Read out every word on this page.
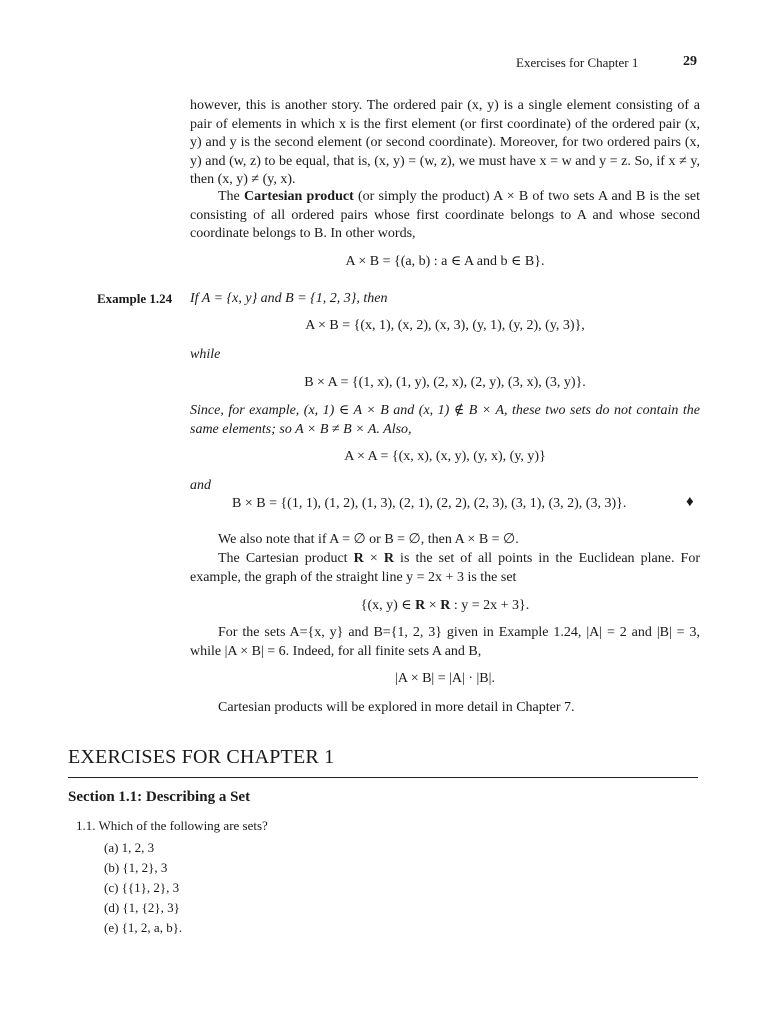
Exercises for Chapter 1	29
however, this is another story. The ordered pair (x, y) is a single element consisting of a pair of elements in which x is the first element (or first coordinate) of the ordered pair (x, y) and y is the second element (or second coordinate). Moreover, for two ordered pairs (x, y) and (w, z) to be equal, that is, (x, y) = (w, z), we must have x = w and y = z. So, if x ≠ y, then (x, y) ≠ (y, x).
The Cartesian product (or simply the product) A × B of two sets A and B is the set consisting of all ordered pairs whose first coordinate belongs to A and whose second coordinate belongs to B. In other words,
A × B = {(a, b) : a ∈ A and b ∈ B}.
Example 1.24 If A = {x, y} and B = {1, 2, 3}, then
A × B = {(x, 1), (x, 2), (x, 3), (y, 1), (y, 2), (y, 3)},
while
B × A = {(1, x), (1, y), (2, x), (2, y), (3, x), (3, y)}.
Since, for example, (x, 1) ∈ A × B and (x, 1) ∉ B × A, these two sets do not contain the same elements; so A × B ≠ B × A. Also,
A × A = {(x, x), (x, y), (y, x), (y, y)}
and
B × B = {(1, 1), (1, 2), (1, 3), (2, 1), (2, 2), (2, 3), (3, 1), (3, 2), (3, 3)}.	♦
We also note that if A = ∅ or B = ∅, then A × B = ∅.
The Cartesian product R × R is the set of all points in the Euclidean plane. For example, the graph of the straight line y = 2x + 3 is the set
{(x, y) ∈ R × R : y = 2x + 3}.
For the sets A={x, y} and B={1, 2, 3} given in Example 1.24, |A| = 2 and |B| = 3, while |A × B| = 6. Indeed, for all finite sets A and B,
|A × B| = |A| · |B|.
Cartesian products will be explored in more detail in Chapter 7.
EXERCISES FOR CHAPTER 1
Section 1.1: Describing a Set
1.1. Which of the following are sets?
(a) 1, 2, 3
(b) {1, 2}, 3
(c) {{1}, 2}, 3
(d) {1, {2}, 3}
(e) {1, 2, a, b}.
